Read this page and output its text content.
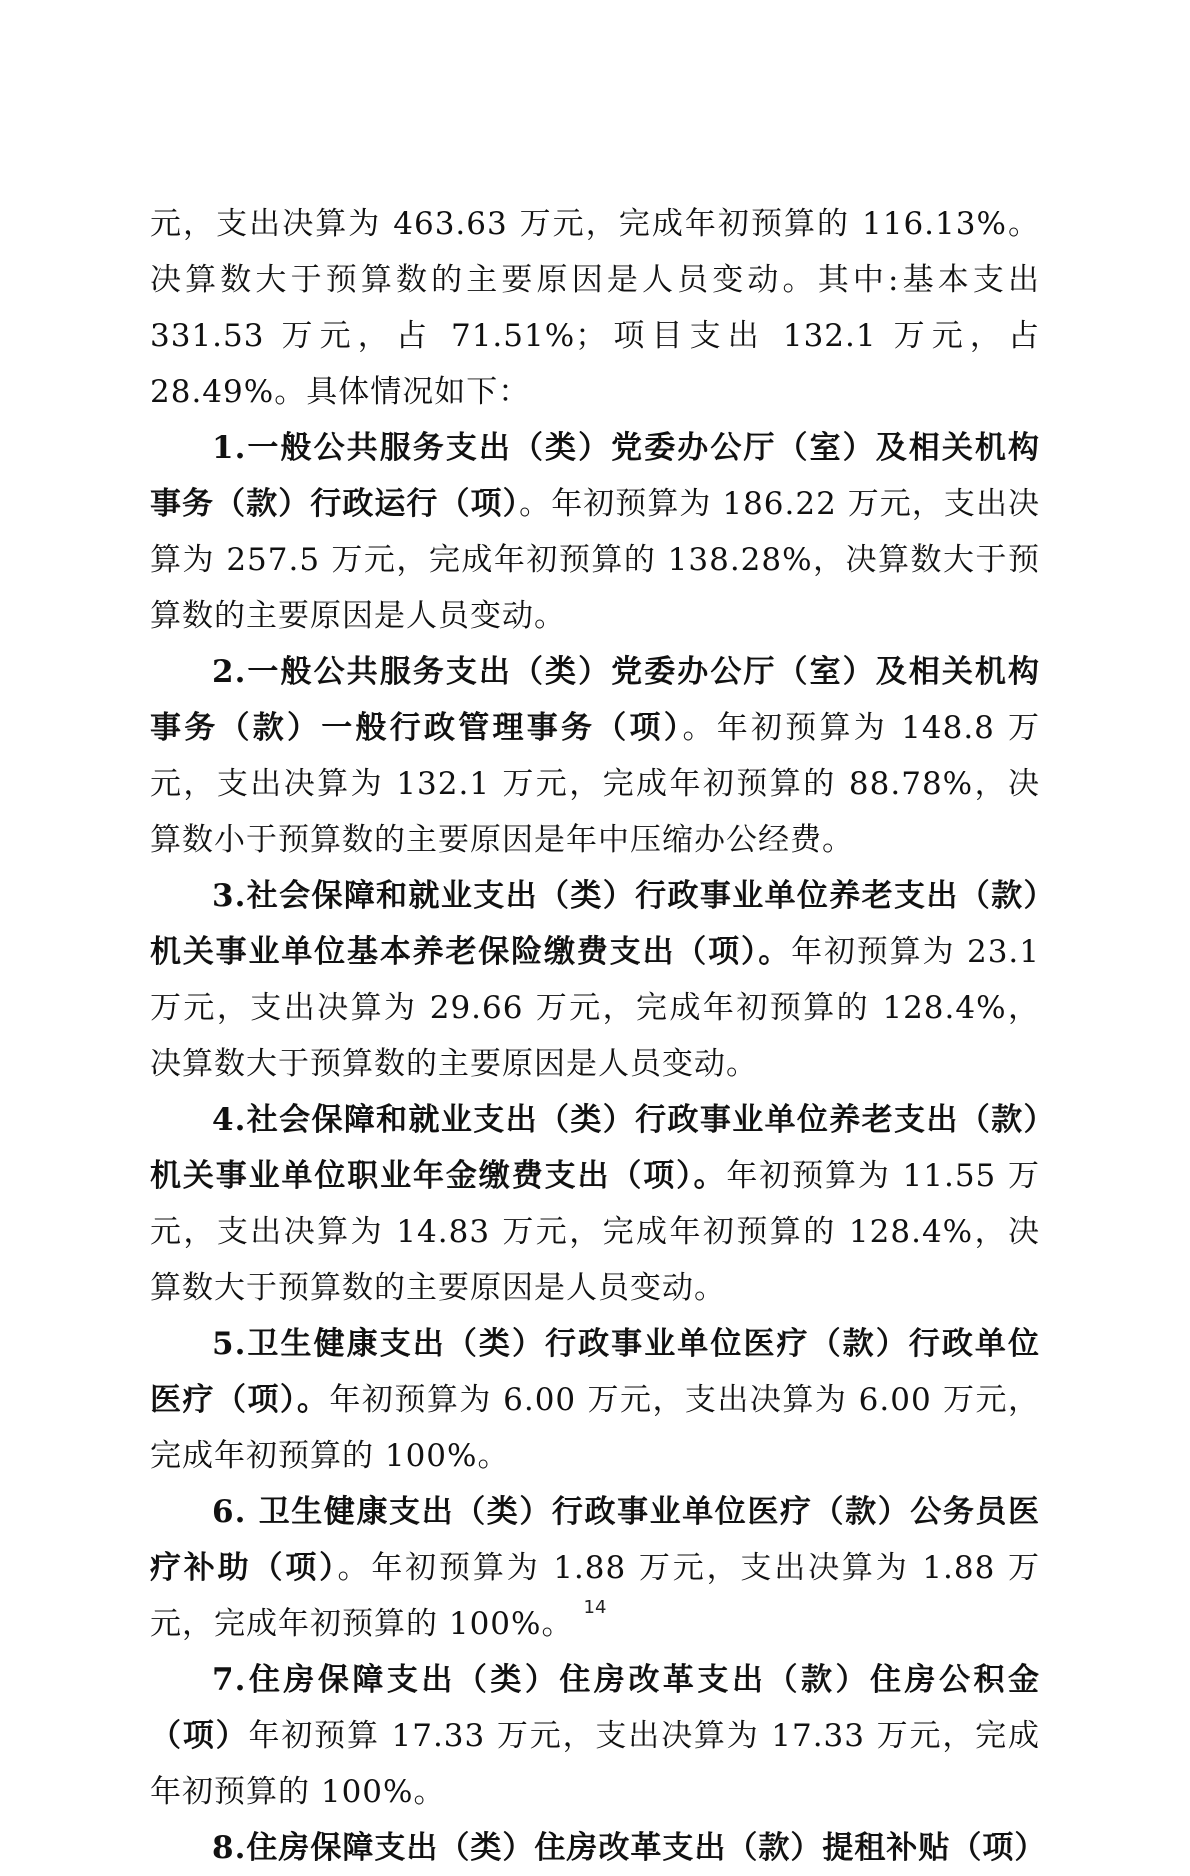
元，支出决算为 463.63 万元，完成年初预算的 116.13%。决算数大于预算数的主要原因是人员变动。其中:基本支出 331.53 万元，占 71.51%；项目支出 132.1 万元，占 28.49%。具体情况如下：

1.一般公共服务支出（类）党委办公厅（室）及相关机构事务（款）行政运行（项）。年初预算为 186.22 万元，支出决算为 257.5 万元，完成年初预算的 138.28%，决算数大于预算数的主要原因是人员变动。

2.一般公共服务支出（类）党委办公厅（室）及相关机构事务（款）一般行政管理事务（项）。年初预算为 148.8 万元，支出决算为 132.1 万元，完成年初预算的 88.78%，决算数小于预算数的主要原因是年中压缩办公经费。

3.社会保障和就业支出（类）行政事业单位养老支出（款）机关事业单位基本养老保险缴费支出（项）。年初预算为 23.1 万元，支出决算为 29.66 万元，完成年初预算的 128.4%，决算数大于预算数的主要原因是人员变动。

4.社会保障和就业支出（类）行政事业单位养老支出（款）机关事业单位职业年金缴费支出（项）。年初预算为 11.55 万元，支出决算为 14.83 万元，完成年初预算的 128.4%，决算数大于预算数的主要原因是人员变动。

5.卫生健康支出（类）行政事业单位医疗（款）行政单位医疗（项）。年初预算为 6.00 万元，支出决算为 6.00 万元，完成年初预算的 100%。

6. 卫生健康支出（类）行政事业单位医疗（款）公务员医疗补助（项）。年初预算为 1.88 万元，支出决算为 1.88 万元，完成年初预算的 100%。

7.住房保障支出（类）住房改革支出（款）住房公积金（项）年初预算 17.33 万元，支出决算为 17.33 万元，完成年初预算的 100%。

8.住房保障支出（类）住房改革支出（款）提租补贴（项）

14
